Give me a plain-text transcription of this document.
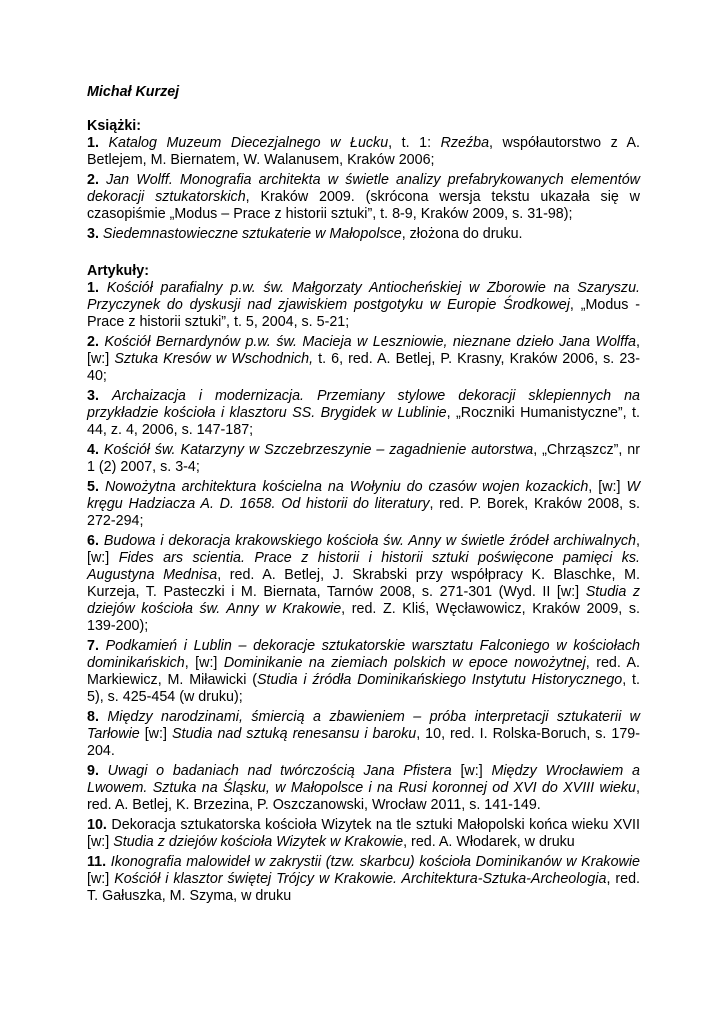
Michał Kurzej

Książki:

1. Katalog Muzeum Diecezjalnego w Łucku, t. 1: Rzeźba, współautorstwo z A. Betlejem, M. Biernatem, W. Walanusem, Kraków 2006;

2. Jan Wolff. Monografia architekta w świetle analizy prefabrykowanych elementów dekoracji sztukatorskich, Kraków 2009. (skrócona wersja tekstu ukazała się w czasopiśmie „Modus – Prace z historii sztuki”, t. 8-9, Kraków 2009, s. 31-98);

3. Siedemnastowieczne sztukaterie w Małopolsce, złożona do druku.

Artykuły:

1. Kościół parafialny p.w. św. Małgorzaty Antiocheńskiej w Zborowie na Szaryszu. Przyczynek do dyskusji nad zjawiskiem postgotyku w Europie Środkowej, „Modus - Prace z historii sztuki”, t. 5, 2004, s. 5-21;

2. Kościół Bernardynów p.w. św. Macieja w Leszniowie, nieznane dzieło Jana Wolffa, [w:] Sztuka Kresów w Wschodnich, t. 6, red. A. Betlej, P. Krasny, Kraków 2006, s. 23-40;

3. Archaizacja i modernizacja. Przemiany stylowe dekoracji sklepiennych na przykładzie kościoła i klasztoru SS. Brygidek w Lublinie, „Roczniki Humanistyczne”, t. 44, z. 4, 2006, s. 147-187;

4. Kościół św. Katarzyny w Szczebrzeszynie – zagadnienie autorstwa, „Chrząszcz”, nr 1 (2) 2007, s. 3-4;

5. Nowożytna architektura kościelna na Wołyniu do czasów wojen kozackich, [w:] W kręgu Hadziacza A. D. 1658. Od historii do literatury, red. P. Borek, Kraków 2008, s. 272-294;

6. Budowa i dekoracja krakowskiego kościoła św. Anny w świetle źródeł archiwalnych, [w:] Fides ars scientia. Prace z historii i historii sztuki poświęcone pamięci ks. Augustyna Mednisa, red. A. Betlej, J. Skrabski przy współpracy K. Blaschke, M. Kurzeja, T. Pasteczki i M. Biernata, Tarnów 2008, s. 271-301 (Wyd. II [w:] Studia z dziejów kościoła św. Anny w Krakowie, red. Z. Kliś, Węcławowicz, Kraków 2009, s. 139-200);

7. Podkamień i Lublin – dekoracje sztukatorskie warsztatu Falconiego w kościołach dominikańskich, [w:] Dominikanie na ziemiach polskich w epoce nowożytnej, red. A. Markiewicz, M. Miławicki (Studia i źródła Dominikańskiego Instytutu Historycznego, t. 5), s. 425-454 (w druku);

8. Między narodzinami, śmiercią a zbawieniem – próba interpretacji sztukaterii w Tarłowie [w:] Studia nad sztuką renesansu i baroku, 10, red. I. Rolska-Boruch, s. 179-204.

9. Uwagi o badaniach nad twórczością Jana Pfistera [w:] Między Wrocławiem a Lwowem. Sztuka na Śląsku, w Małopolsce i na Rusi koronnej od XVI do XVIII wieku, red. A. Betlej, K. Brzezina, P. Oszczanowski, Wrocław 2011, s. 141-149.

10. Dekoracja sztukatorska kościoła Wizytek na tle sztuki Małopolski końca wieku XVII [w:] Studia z dziejów kościoła Wizytek w Krakowie, red. A. Włodarek, w druku

11. Ikonografia malowideł w zakrystii (tzw. skarbcu) kościoła Dominikanów w Krakowie [w:] Kościół i klasztor świętej Trójcy w Krakowie. Architektura-Sztuka-Archeologia, red. T. Gałuszka, M. Szyma, w druku
